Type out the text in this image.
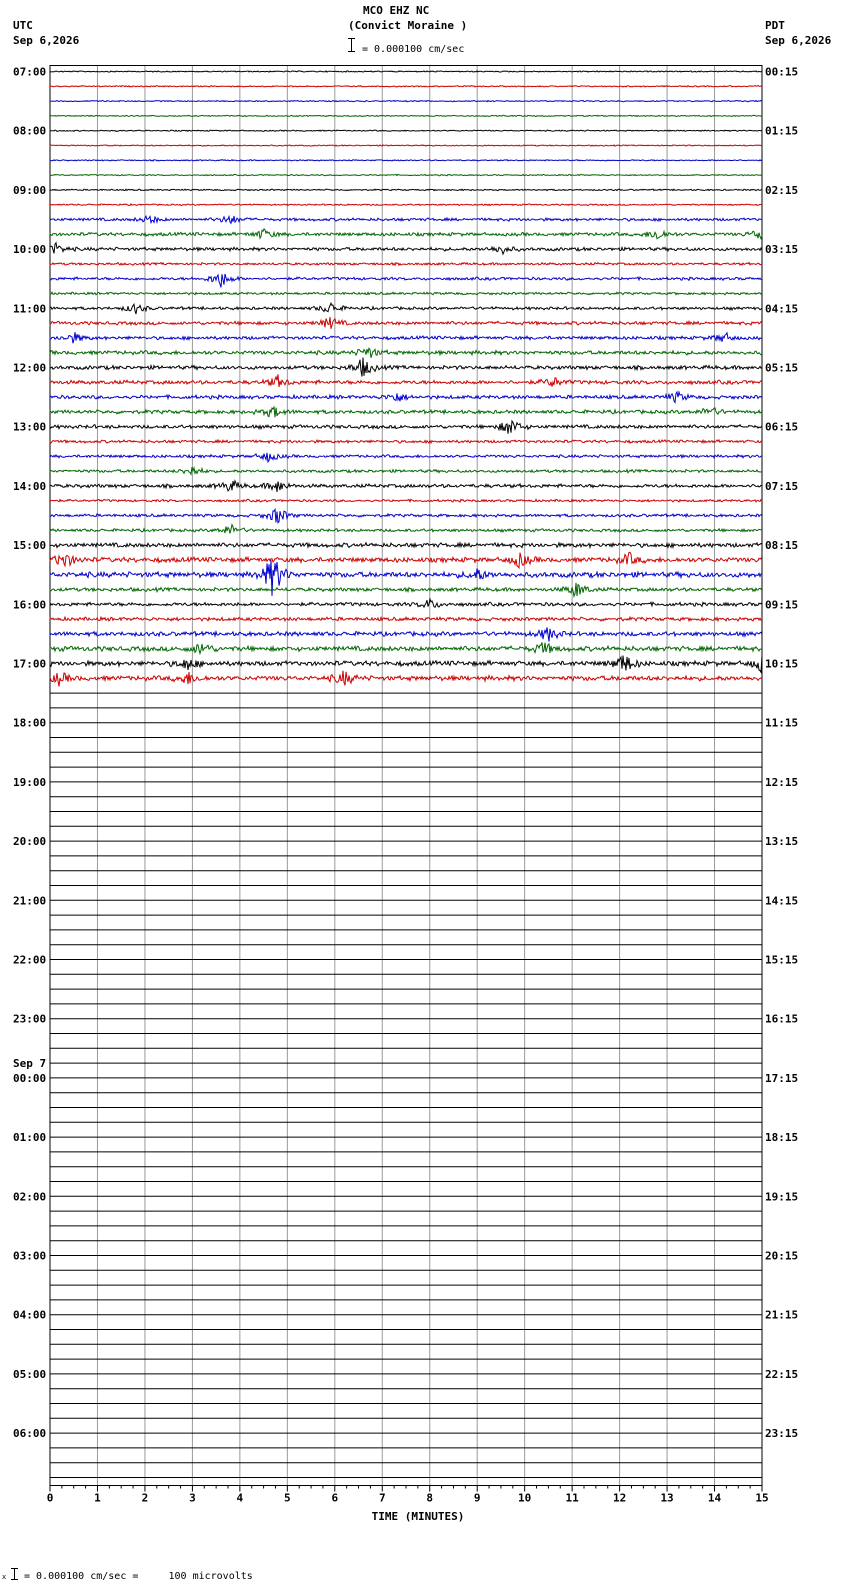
0	1	2	3	4	5	6	7	8	9	10	11	12	13	14	15
07:00
08:00
09:00
10:00
11:00
12:00
13:00
14:00
15:00
16:00
17:00
18:00
19:00
20:00
21:00
22:00
23:00
00:00
Sep 7
01:00
02:00
03:00
04:00
05:00
06:00
00:15
01:15
02:15
03:15
04:15
05:15
06:15
07:15
08:15
09:15
10:15
11:15
12:15
13:15
14:15
15:15
16:15
17:15
18:15
19:15
20:15
21:15
22:15
23:15
TIME (MINUTES)
MCO EHZ NC
(Convict Moraine )
= 0.000100 cm/sec
UTC
Sep 6,2026
PDT
Sep 6,2026
x = 0.000100 cm/sec =     100 microvolts
